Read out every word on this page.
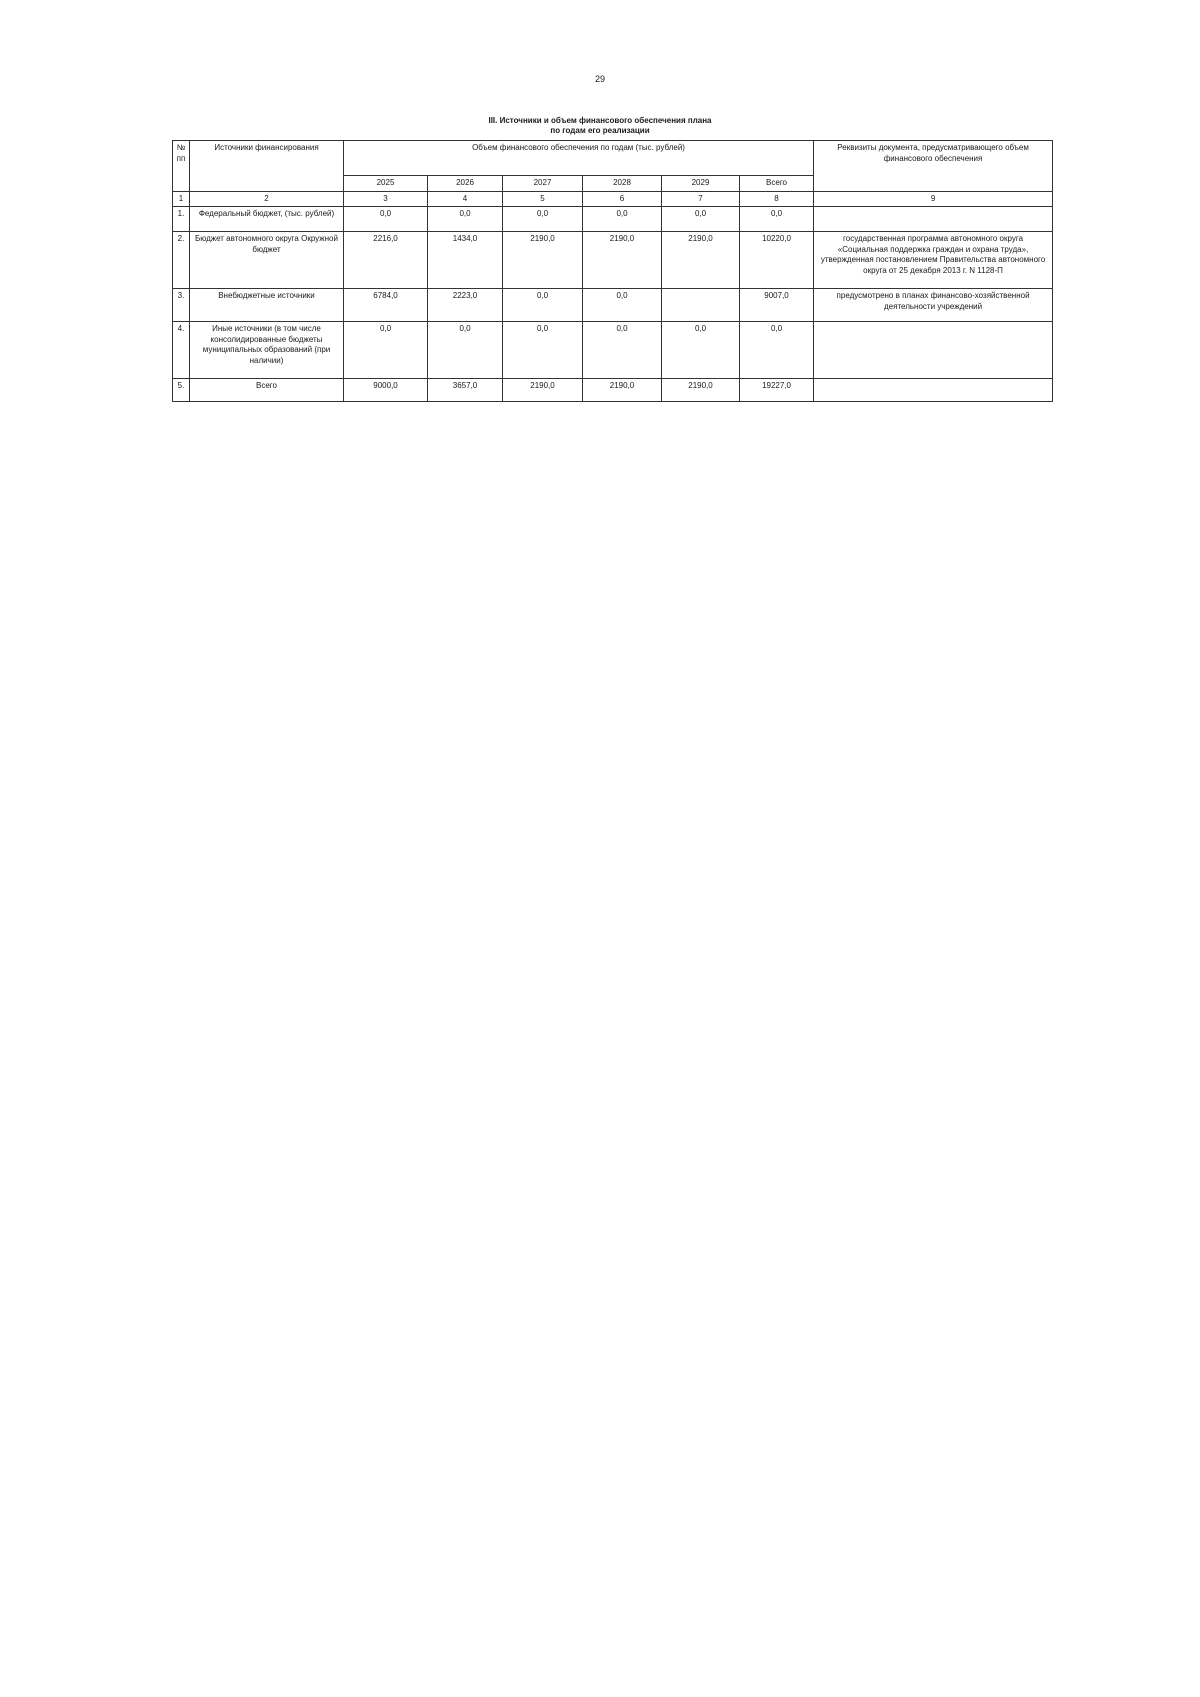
29
III. Источники и объем финансового обеспечения плана
по годам его реализации
№ пп	Источники финансирования	Объем финансового обеспечения по годам (тыс. рублей)						Реквизиты документа, предусматривающего объем финансового обеспечения
		2025	2026	2027	2028	2029	Всего	
1	2	3	4	5	6	7	8	9
1.	Федеральный бюджет, (тыс. рублей)	0,0	0,0	0,0	0,0	0,0	0,0	
2.	Бюджет автономного округа Окружной бюджет	2216,0	1434,0	2190,0	2190,0	2190,0	10220,0	государственная программа автономного округа «Социальная поддержка граждан и охрана труда», утвержденная постановлением Правительства автономного округа от 25 декабря 2013 г. N 1128-П
3.	Внебюджетные источники	6784,0	2223,0	0,0	0,0		9007,0	предусмотрено в планах финансово-хозяйственной деятельности учреждений
4.	Иные источники (в том числе консолидированные бюджеты муниципальных образований (при наличии)	0,0	0,0	0,0	0,0	0,0	0,0	
5.	Всего	9000,0	3657,0	2190,0	2190,0	2190,0	19227,0	
